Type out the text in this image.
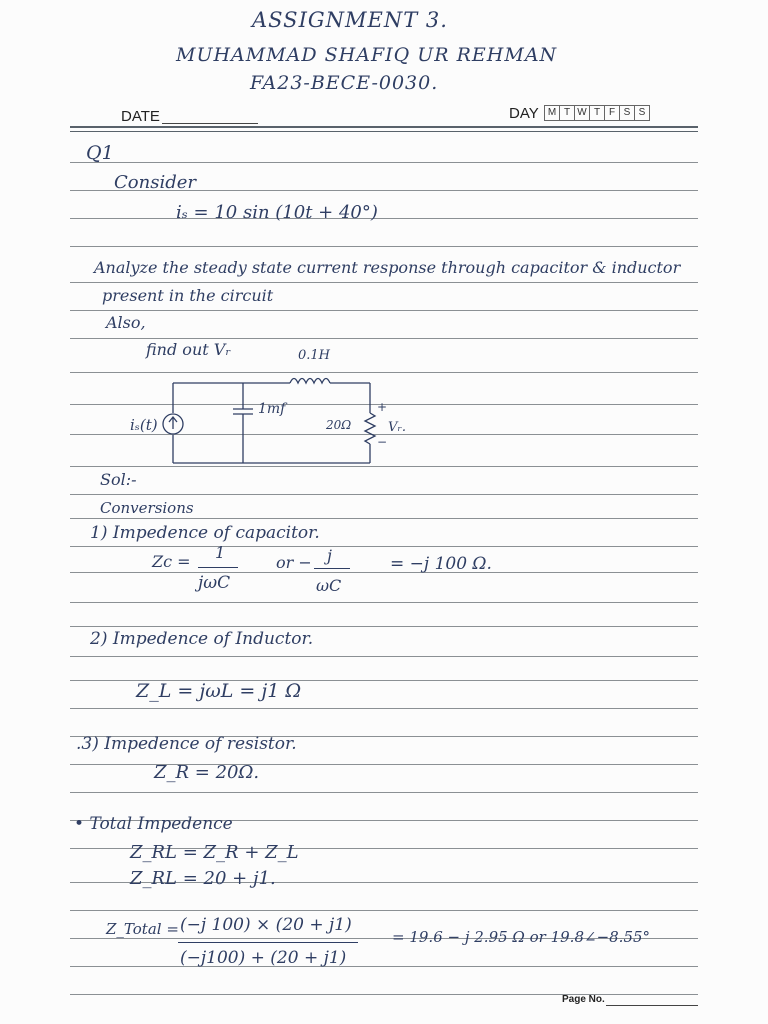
ASSIGNMENT 3.
MUHAMMAD SHAFIQ UR REHMAN
FA23-BECE-0030.
DATE	DAY M T W T F S S
Q1
Consider
iₛ = 10 sin (10t + 40°)
Analyze the steady state current response through capacitor & inductor
present in the circuit
Also,
find out Vᵣ	0.1H
1mf
20Ω
iₛ(t)	Vᵣ.
+
−
Sol:-
Conversions
1) Impedence of capacitor.
Zc = 1
jωC
or − j
ωC
= −j 100 Ω.
2) Impedence of Inductor.
Z_L = jωL = j1 Ω
.3) Impedence of resistor.
Z_R = 20Ω.
• Total Impedence
Z_RL = Z_R + Z_L
Z_RL = 20 + j1.
Z_Total = (−j 100) × (20 + j1)
(−j100) + (20 + j1)
= 19.6 − j 2.95 Ω or 19.8∠−8.55°
Page No.
